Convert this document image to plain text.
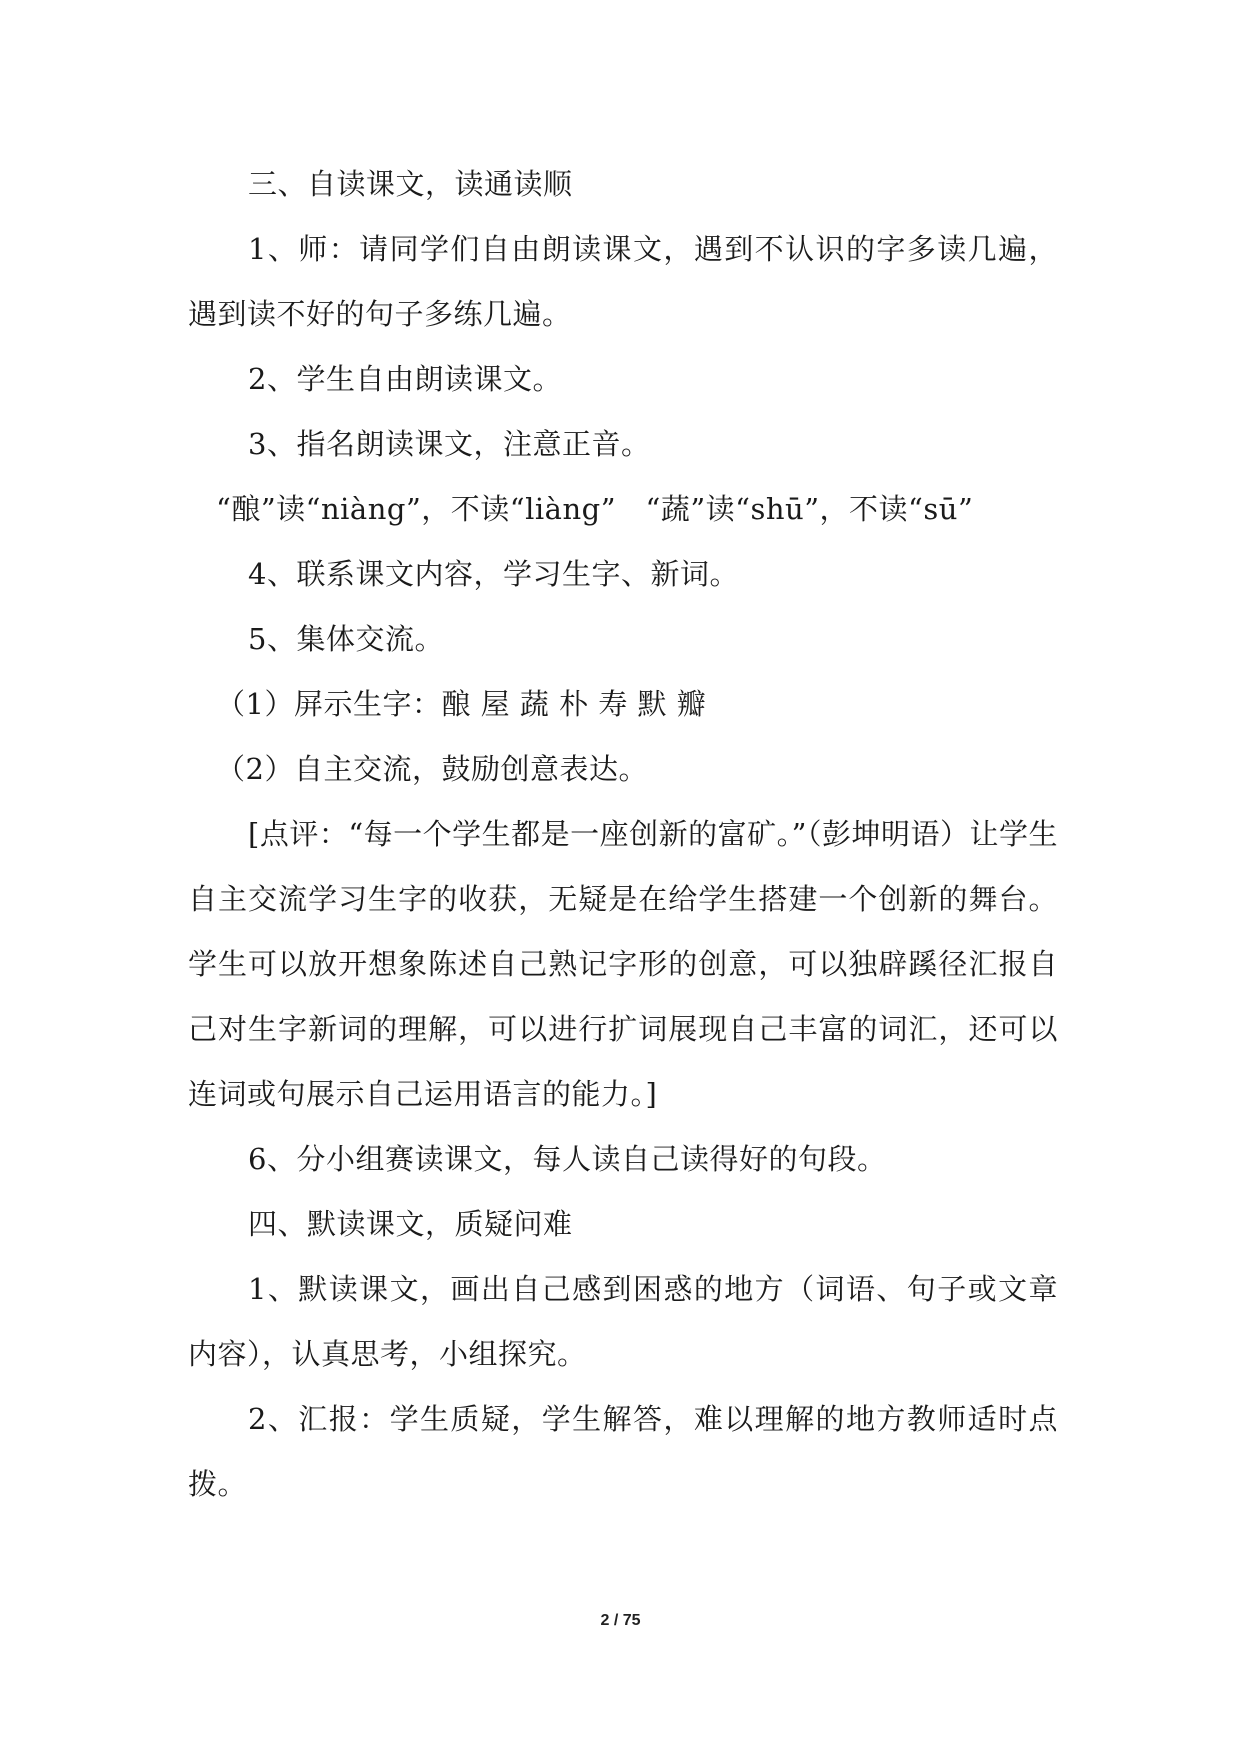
三、自读课文，读通读顺

1、师：请同学们自由朗读课文，遇到不认识的字多读几遍，遇到读不好的句子多练几遍。

2、学生自由朗读课文。

3、指名朗读课文，注意正音。

“酿”读“niàng”，不读“liàng”　“蔬”读“shū”，不读“sū”

4、联系课文内容，学习生字、新词。

5、集体交流。

（1）屏示生字：酿 屋 蔬 朴 寿 默 瓣

（2）自主交流，鼓励创意表达。

[点评：“每一个学生都是一座创新的富矿。”（彭坤明语）让学生自主交流学习生字的收获，无疑是在给学生搭建一个创新的舞台。学生可以放开想象陈述自己熟记字形的创意，可以独辟蹊径汇报自己对生字新词的理解，可以进行扩词展现自己丰富的词汇，还可以连词或句展示自己运用语言的能力。]

6、分小组赛读课文，每人读自己读得好的句段。

四、默读课文，质疑问难

1、默读课文，画出自己感到困惑的地方（词语、句子或文章内容），认真思考，小组探究。

2、汇报：学生质疑，学生解答，难以理解的地方教师适时点拨。

2 / 75
